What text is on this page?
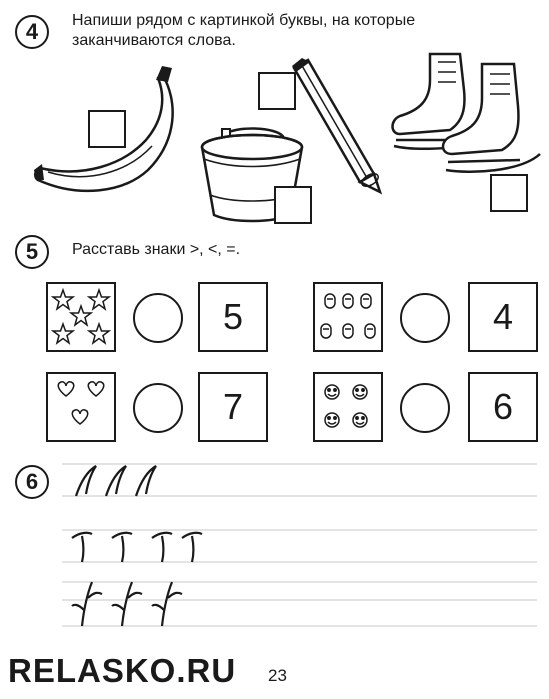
4	Напиши рядом с картинкой буквы, на которые
заканчиваются слова.
5	Расставь знаки >, <, =.
5	4
7	6
6
RELASKO.RU 23
